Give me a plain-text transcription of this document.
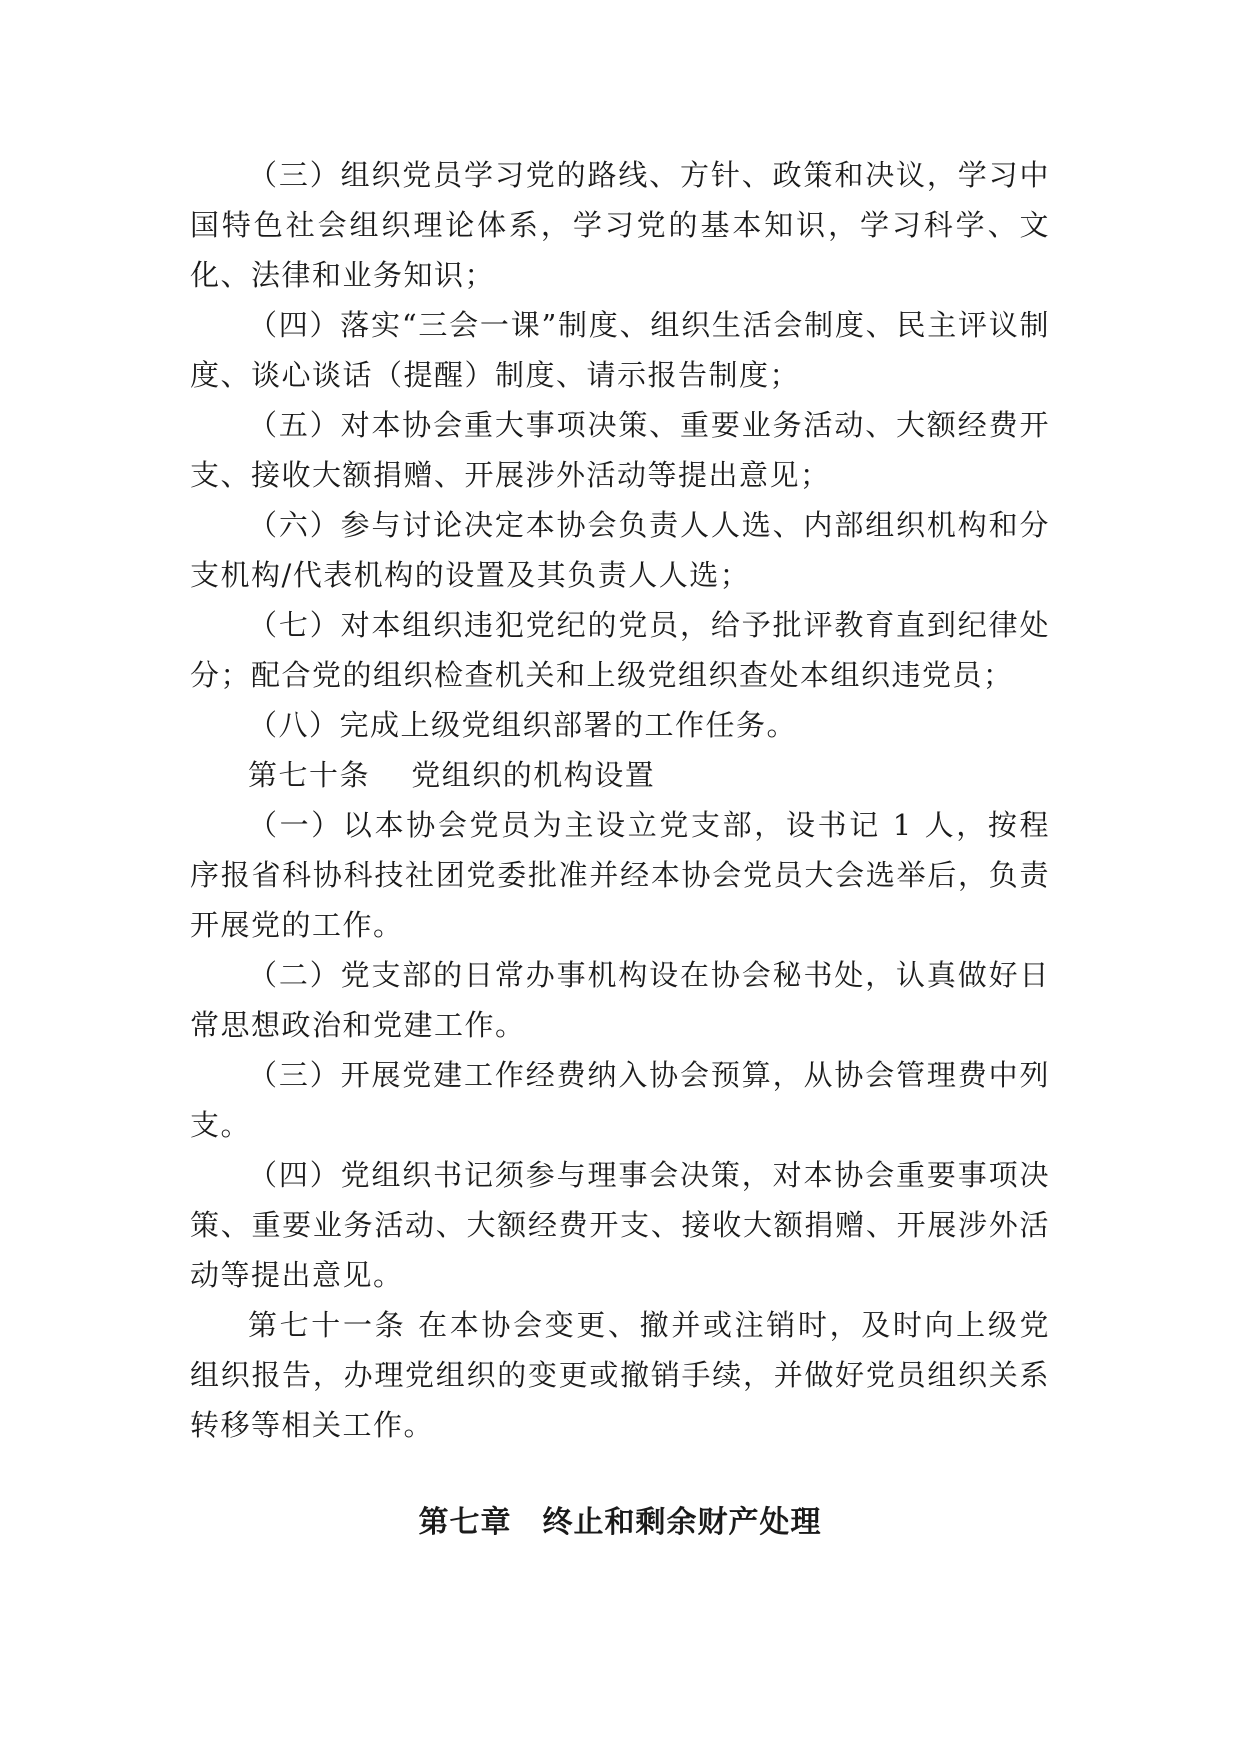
（三）组织党员学习党的路线、方针、政策和决议，学习中国特色社会组织理论体系，学习党的基本知识，学习科学、文化、法律和业务知识；

（四）落实“三会一课”制度、组织生活会制度、民主评议制度、谈心谈话（提醒）制度、请示报告制度；

（五）对本协会重大事项决策、重要业务活动、大额经费开支、接收大额捐赠、开展涉外活动等提出意见；

（六）参与讨论决定本协会负责人人选、内部组织机构和分支机构/代表机构的设置及其负责人人选；

（七）对本组织违犯党纪的党员，给予批评教育直到纪律处分；配合党的组织检查机关和上级党组织查处本组织违党员；

（八）完成上级党组织部署的工作任务。

第七十条　 党组织的机构设置

（一）以本协会党员为主设立党支部，设书记 1 人，按程序报省科协科技社团党委批准并经本协会党员大会选举后，负责开展党的工作。

（二）党支部的日常办事机构设在协会秘书处，认真做好日常思想政治和党建工作。

（三）开展党建工作经费纳入协会预算，从协会管理费中列支。

（四）党组织书记须参与理事会决策，对本协会重要事项决策、重要业务活动、大额经费开支、接收大额捐赠、开展涉外活动等提出意见。

第七十一条 在本协会变更、撤并或注销时，及时向上级党组织报告，办理党组织的变更或撤销手续，并做好党员组织关系转移等相关工作。

第七章　终止和剩余财产处理
